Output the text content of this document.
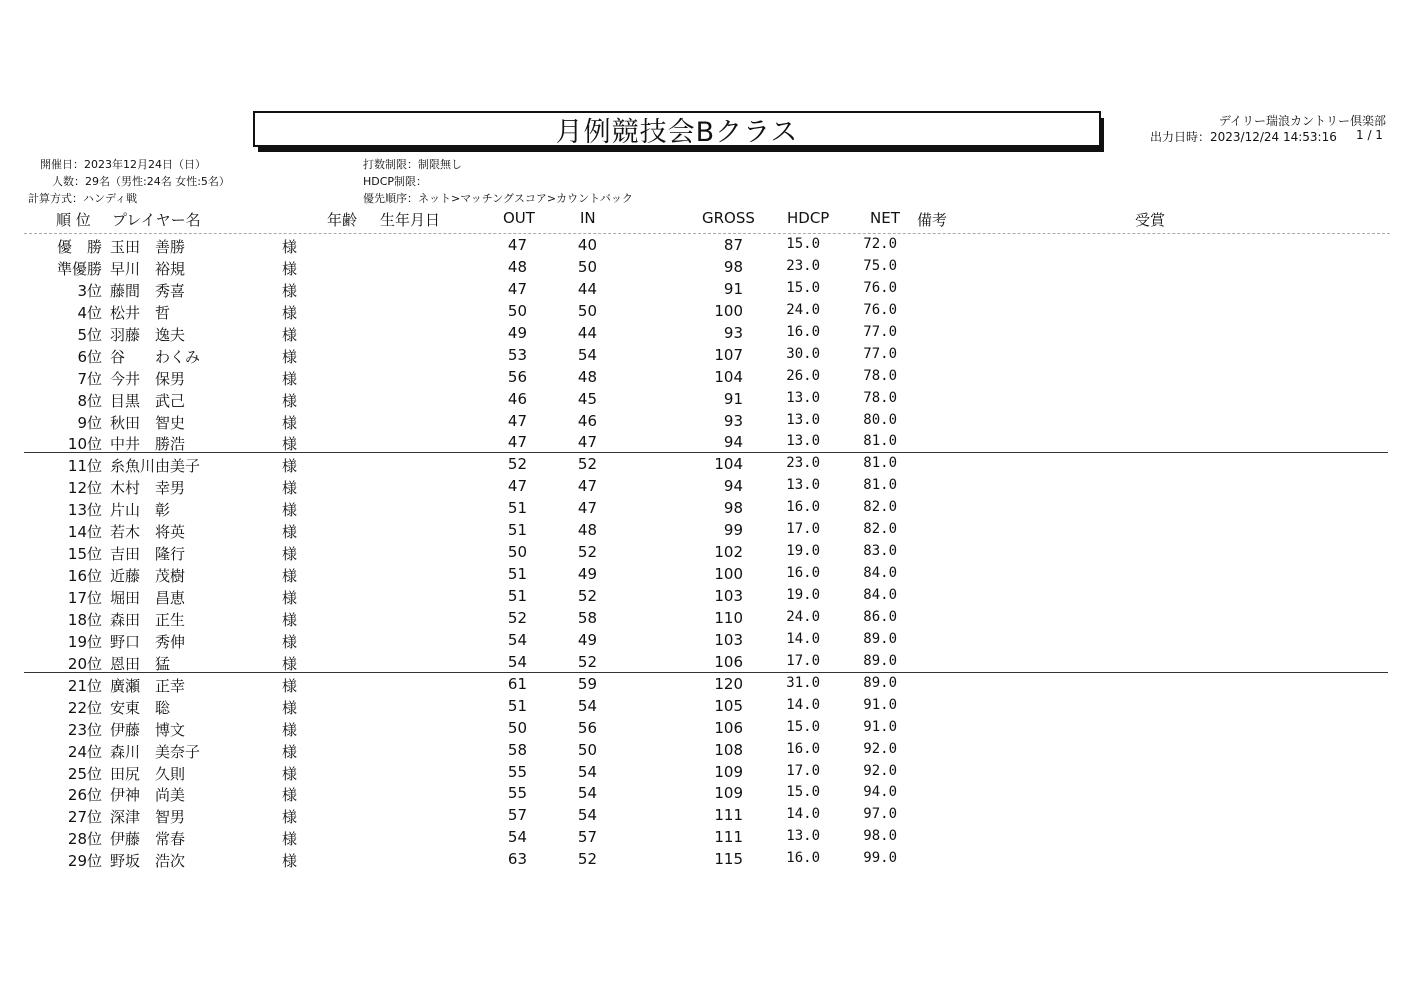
月例競技会Bクラス	デイリー瑞浪カントリー倶楽部
出力日時：2023/12/24 14:53:16 1 / 1
開催日：2023年12月24日（日）
人数：29名（男性:24名 女性:5名）
計算方式：ハンディ戦
打数制限：制限無し
HDCP制限：
優先順序：ネット>マッチングスコア>カウントバック
順 位 プレイヤー名	年齢 生年月日	OUT	IN	GROSS HDCP	NET 備考	受賞
優　勝 玉田 善勝	様	47	40	87	15.0	72.0
準優勝 早川 裕規	様	48	50	98	23.0	75.0
3位 藤間 秀喜	様	47	44	91	15.0	76.0
4位 松井 哲	様	50	50	100	24.0	76.0
5位 羽藤 逸夫	様	49	44	93	16.0	77.0
6位 谷 わくみ	様	53	54	107	30.0	77.0
7位 今井 保男	様	56	48	104	26.0	78.0
8位 目黒 武己	様	46	45	91	13.0	78.0
9位 秋田 智史	様	47	46	93	13.0	80.0
10位 中井 勝浩	様	47	47	94	13.0	81.0
11位 糸魚川 由美子	様	52	52	104	23.0	81.0
12位 木村 幸男	様	47	47	94	13.0	81.0
13位 片山 彰	様	51	47	98	16.0	82.0
14位 若木 将英	様	51	48	99	17.0	82.0
15位 吉田 隆行	様	50	52	102	19.0	83.0
16位 近藤 茂樹	様	51	49	100	16.0	84.0
17位 堀田 昌恵	様	51	52	103	19.0	84.0
18位 森田 正生	様	52	58	110	24.0	86.0
19位 野口 秀伸	様	54	49	103	14.0	89.0
20位 恩田 猛	様	54	52	106	17.0	89.0
21位 廣瀬 正幸	様	61	59	120	31.0	89.0
22位 安東 聡	様	51	54	105	14.0	91.0
23位 伊藤 博文	様	50	56	106	15.0	91.0
24位 森川 美奈子	様	58	50	108	16.0	92.0
25位 田尻 久則	様	55	54	109	17.0	92.0
26位 伊神 尚美	様	55	54	109	15.0	94.0
27位 深津 智男	様	57	54	111	14.0	97.0
28位 伊藤 常春	様	54	57	111	13.0	98.0
29位 野坂 浩次	様	63	52	115	16.0	99.0
